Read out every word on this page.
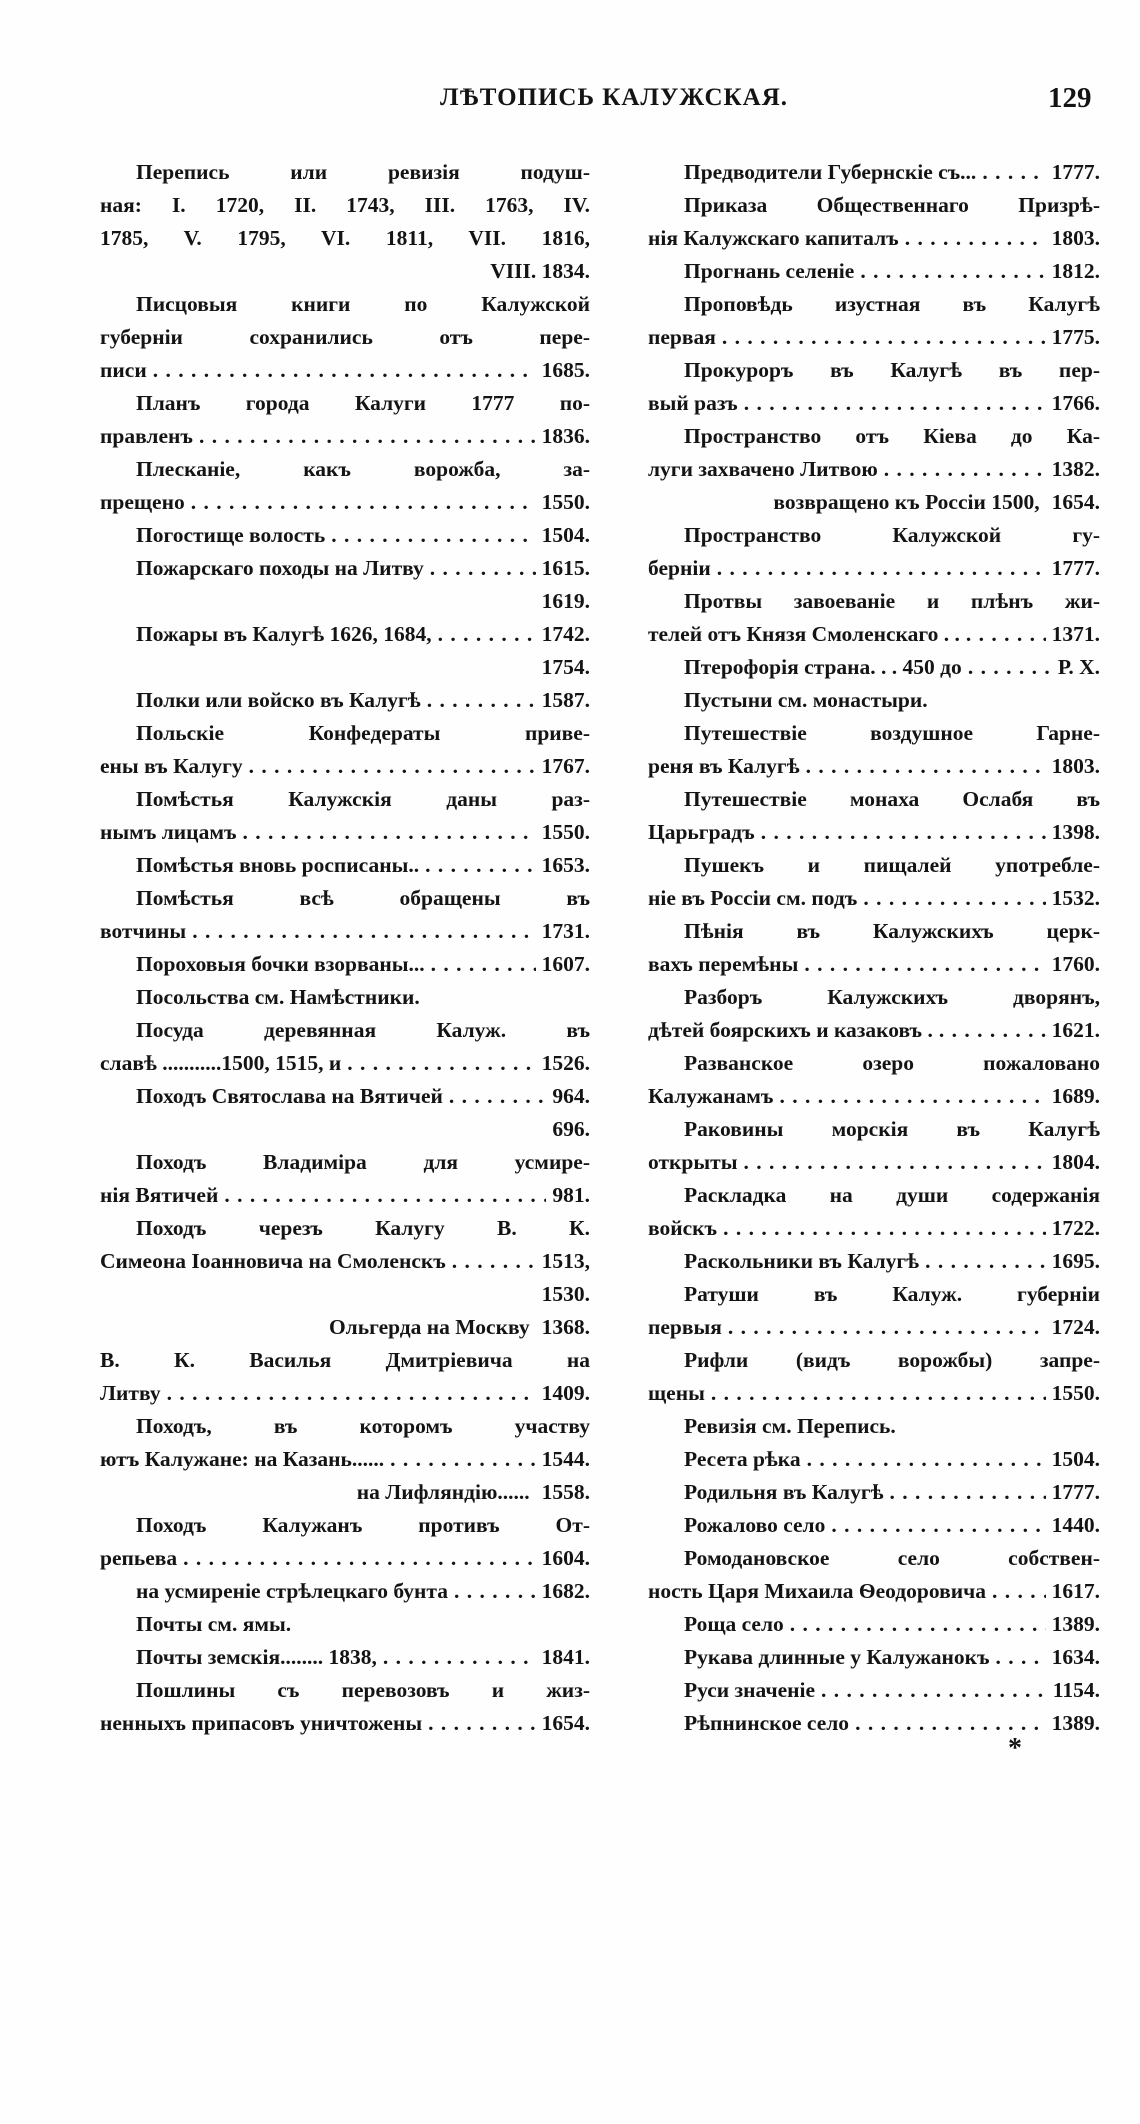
ЛѢТОПИСЬ КАЛУЖСКАЯ.	129
Перепись или ревизія подуш-
ная: I. 1720, II. 1743, III. 1763, IV.
1785, V. 1795, VI. 1811, VII. 1816,
VIII. 1834.
Писцовыя книги по Калужской
губерніи сохранились отъ пере-
писи . . .	1685.
Планъ города Калуги 1777 по-
правленъ . . .	1836.
Плесканіе, какъ ворожба, за-
прещено . . .	1550.
Погостище волость . . .	1504.
Пожарскаго походы на Литву . . .	1615.
1619.
Пожары въ Калугѣ 1626, 1684, . . .	1742.
1754.
Полки или войско въ Калугѣ . . .	1587.
Польскіе Конфедераты приве-
ены въ Калугу . . .	1767.
Помѣстья Калужскія даны раз-
нымъ лицамъ . . .	1550.
Помѣстья вновь росписаны.. . . .	1653.
Помѣстья всѣ обращены въ
вотчины . . .	1731.
Пороховыя бочки взорваны... . . .	1607.
Посольства см. Намѣстники.
Посуда деревянная Калуж. въ
славѣ ...........1500, 1515, и . . .	1526.
Походъ Святослава на Вятичей . . .	964.
696.
Походъ Владиміра для усмире-
нія Вятичей . . .	981.
Походъ черезъ Калугу В. К.
Симеона Іоанновича на Смоленскъ . . .	1513,
1530.
Ольгерда на Москву 1368.
В. К. Василья Дмитріевича на
Литву . . .	1409.
Походъ, въ которомъ участву
ютъ Калужане: на Казань...... . . .	1544.
на Лифляндію...... 1558.
Походъ Калужанъ противъ От-
репьева . . .	1604.
на усмиреніе стрѣлецкаго бунта . . .	1682.
Почты см. ямы.
Почты земскія........ 1838, . . .	1841.
Пошлины съ перевозовъ и жиз-
ненныхъ припасовъ уничтожены . . .	1654.
Предводители Губернскіе съ... . . .	1777.
Приказа Общественнаго Призрѣ-
нія Калужскаго капиталъ . . .	1803.
Прогнань селеніе . . .	1812.
Проповѣдь изустная въ Калугѣ
первая . . .	1775.
Прокуроръ въ Калугѣ въ пер-
вый разъ . . .	1766.
Пространство отъ Кіева до Ка-
луги захвачено Литвою . . .	1382.
возвращено къ Россіи 1500, 1654.
Пространство Калужской гу-
берніи . . .	1777.
Протвы завоеваніе и плѣнъ жи-
телей отъ Князя Смоленскаго . . . . .	1371.
Птерофорія страна. . . 450 до . . .	Р. Х.
Пустыни см. монастыри.
Путешествіе воздушное Гарне-
реня въ Калугѣ . . .	1803.
Путешествіе монаха Ослабя въ
Царьградъ . . .	1398.
Пушекъ и пищалей употребле-
ніе въ Россіи см. подъ . . .	1532.
Пѣнія въ Калужскихъ церк-
вахъ перемѣны . . .	1760.
Разборъ Калужскихъ дворянъ,
дѣтей боярскихъ и казаковъ . . . .	1621.
Разванское озеро пожаловано
Калужанамъ . . .	1689.
Раковины морскія въ Калугѣ
открыты . . .	1804.
Раскладка на души содержанія
войскъ . . .	1722.
Раскольники въ Калугѣ . . .	1695.
Ратуши въ Калуж. губерніи
первыя . . .	1724.
Рифли (видъ ворожбы) запре-
щены . . .	1550.
Ревизія см. Перепись.
Ресета рѣка . . .	1504.
Родильня въ Калугѣ . . .	1777.
Рожалово село . . .	1440.
Ромодановское село собствен-
ность Царя Михаила Ѳеодоровича . . .	1617.
Роща село . . .	1389.
Рукава длинные у Калужанокъ . . .	1634.
Руси значеніе . . .	1154.
Рѣпнинское село . . .	1389.
*
